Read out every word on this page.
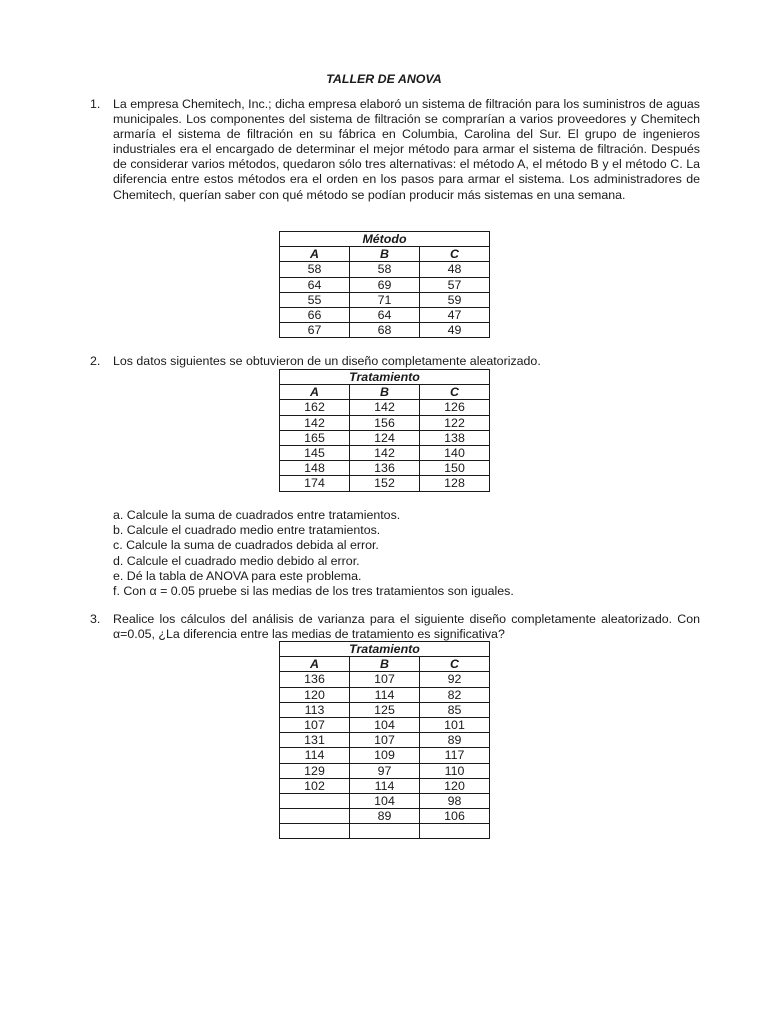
TALLER DE ANOVA
1. La empresa Chemitech, Inc.; dicha empresa elaboró un sistema de filtración para los suministros de aguas municipales. Los componentes del sistema de filtración se comprarían a varios proveedores y Chemitech armaría el sistema de filtración en su fábrica en Columbia, Carolina del Sur. El grupo de ingenieros industriales era el encargado de determinar el mejor método para armar el sistema de filtración. Después de considerar varios métodos, quedaron sólo tres alternativas: el método A, el método B y el método C. La diferencia entre estos métodos era el orden en los pasos para armar el sistema. Los administradores de Chemitech, querían saber con qué método se podían producir más sistemas en una semana.

Método		
A	B	C
58	58	48
64	69	57
55	71	59
66	64	47
67	68	49
2. Los datos siguientes se obtuvieron de un diseño completamente aleatorizado.

Tratamiento		
A	B	C
162	142	126
142	156	122
165	124	138
145	142	140
148	136	150
174	152	128
a. Calcule la suma de cuadrados entre tratamientos.
b. Calcule el cuadrado medio entre tratamientos.
c. Calcule la suma de cuadrados debida al error.
d. Calcule el cuadrado medio debido al error.
e. Dé la tabla de ANOVA para este problema.
f. Con α = 0.05 pruebe si las medias de los tres tratamientos son iguales.
3. Realice los cálculos del análisis de varianza para el siguiente diseño completamente aleatorizado. Con α=0.05, ¿La diferencia entre las medias de tratamiento es significativa?

Tratamiento		
A	B	C
136	107	92
120	114	82
113	125	85
107	104	101
131	107	89
114	109	117
129	97	110
102	114	120
	104	98
	89	106
